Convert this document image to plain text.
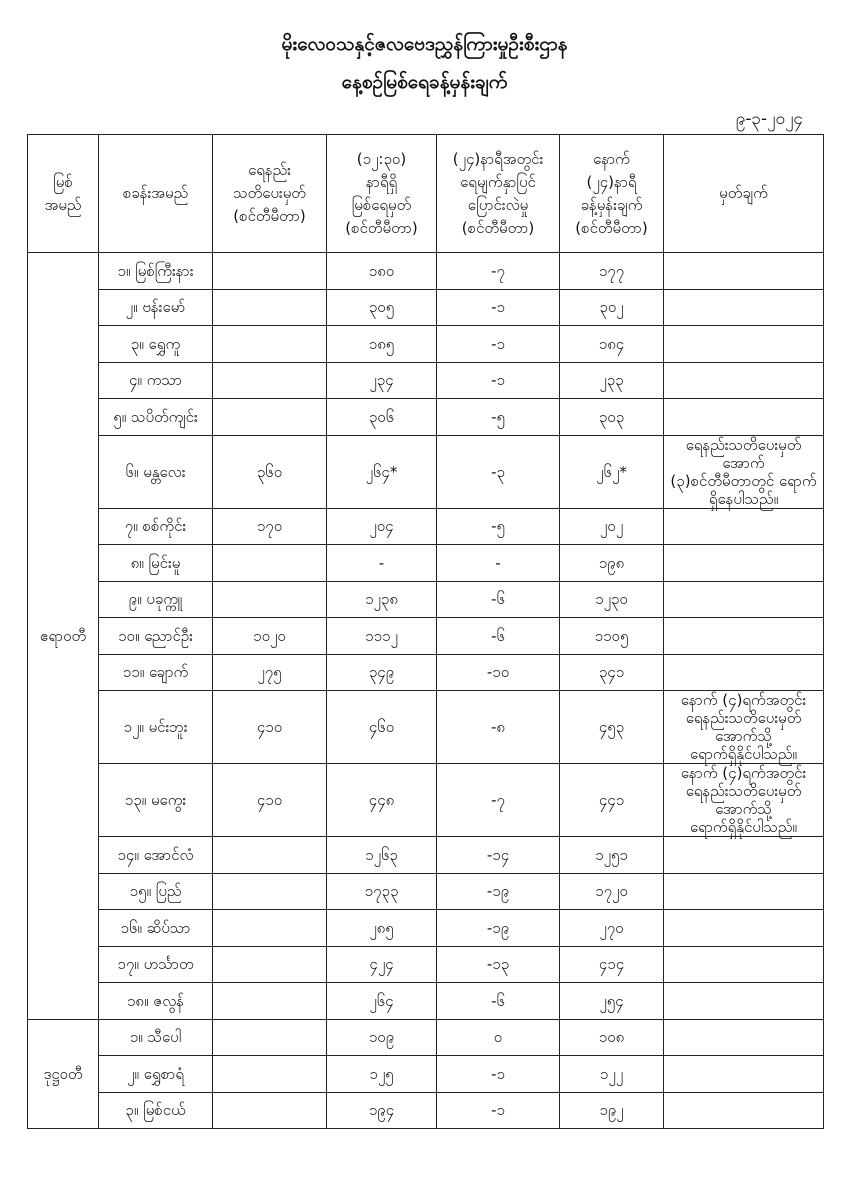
မိုးလေဝသနှင့်ဇလဗေဒညွှန်ကြားမှုဦးစီးဌာန
နေ့စဉ်မြစ်ရေခန့်မှန်းချက်
၉-၃-၂၀၂၄
မြစ်
အမည်	စခန်းအမည်	ရေနည်း
သတိပေးမှတ်
(စင်တီမီတာ)	(၁၂:၃၀)
နာရီရှိ
မြစ်ရေမှတ်
(စင်တီမီတာ)	(၂၄)နာရီအတွင်း
ရေမျက်နှာပြင်
ပြောင်းလဲမှု
(စင်တီမီတာ)	နောက်
(၂၄)နာရီ
ခန့်မှန်းချက်
(စင်တီမီတာ)	မှတ်ချက်
ဧရာဝတီ	၁။ မြစ်ကြီးနား		၁၈၀	-၇	၁၇၇	
	၂။ ဗန်းမော်		၃၀၅	-၁	၃၀၂	
	၃။ ရွှေကူ		၁၈၅	-၁	၁၈၄	
	၄။ ကသာ		၂၃၄	-၁	၂၃၃	
	၅။ သပိတ်ကျင်း		၃၀၆	-၅	၃၀၃	
	၆။ မန္တလေး	၃၆၀	၂၆၄*	-၃	၂၆၂*	ရေနည်းသတိပေးမှတ်အောက်
(၃)စင်တီမီတာတွင် ရောက်ရှိနေပါသည်။
	၇။ စစ်ကိုင်း	၁၇၀	၂၀၄	-၅	၂၀၂	
	၈။ မြင်းမူ		-	-	၁၉၈	
	၉။ ပခုက္ကူ		၁၂၃၈	-၆	၁၂၃၀	
	၁၀။ ညောင်ဦး	၁၀၂၀	၁၁၁၂	-၆	၁၁၀၅	
	၁၁။ ချောက်	၂၇၅	၃၄၉	-၁၀	၃၄၁	
	၁၂။ မင်းဘူး	၄၁၀	၄၆၀	-၈	၄၅၃	နောက် (၄)ရက်အတွင်း
ရေနည်းသတိပေးမှတ်အောက်သို့
ရောက်ရှိနိုင်ပါသည်။
	၁၃။ မကွေး	၄၁၀	၄၄၈	-၇	၄၄၁	နောက် (၄)ရက်အတွင်း
ရေနည်းသတိပေးမှတ်အောက်သို့
ရောက်ရှိနိုင်ပါသည်။
	၁၄။ အောင်လံ		၁၂၆၃	-၁၄	၁၂၅၁	
	၁၅။ ပြည်		၁၇၃၃	-၁၉	၁၇၂၀	
	၁၆။ ဆိပ်သာ		၂၈၅	-၁၉	၂၇၀	
	၁၇။ ဟင်္သာတ		၄၂၄	-၁၃	၄၁၄	
	၁၈။ ဇလွန်		၂၆၄	-၆	၂၅၄	
ဒုဋ္ဌဝတီ	၁။ သီပေါ		၁၀၉	၀	၁၀၈	
	၂။ ရွှေစာရံ		၁၂၅	-၁	၁၂၂	
	၃။ မြစ်ငယ်		၁၉၄	-၁	၁၉၂	
